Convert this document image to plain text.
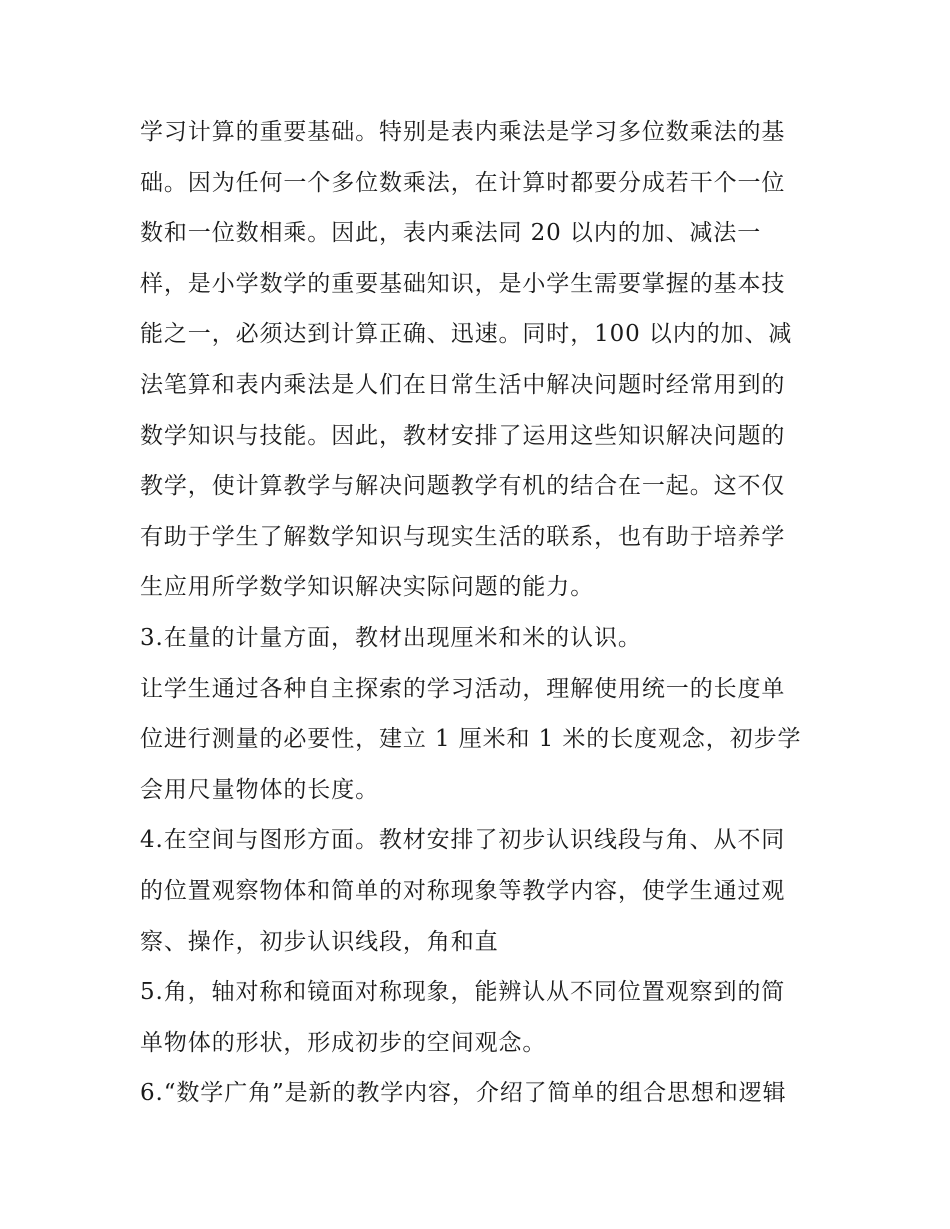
学习计算的重要基础。特别是表内乘法是学习多位数乘法的基
础。因为任何一个多位数乘法，在计算时都要分成若干个一位
数和一位数相乘。因此，表内乘法同 20 以内的加、减法一
样，是小学数学的重要基础知识，是小学生需要掌握的基本技
能之一，必须达到计算正确、迅速。同时，100 以内的加、减
法笔算和表内乘法是人们在日常生活中解决问题时经常用到的
数学知识与技能。因此，教材安排了运用这些知识解决问题的
教学，使计算教学与解决问题教学有机的结合在一起。这不仅
有助于学生了解数学知识与现实生活的联系，也有助于培养学
生应用所学数学知识解决实际问题的能力。
3.在量的计量方面，教材出现厘米和米的认识。
让学生通过各种自主探索的学习活动，理解使用统一的长度单
位进行测量的必要性，建立 1 厘米和 1 米的长度观念，初步学
会用尺量物体的长度。
4.在空间与图形方面。教材安排了初步认识线段与角、从不同
的位置观察物体和简单的对称现象等教学内容，使学生通过观
察、操作，初步认识线段，角和直
5.角，轴对称和镜面对称现象，能辨认从不同位置观察到的简
单物体的形状，形成初步的空间观念。
6.“数学广角”是新的教学内容，介绍了简单的组合思想和逻辑
